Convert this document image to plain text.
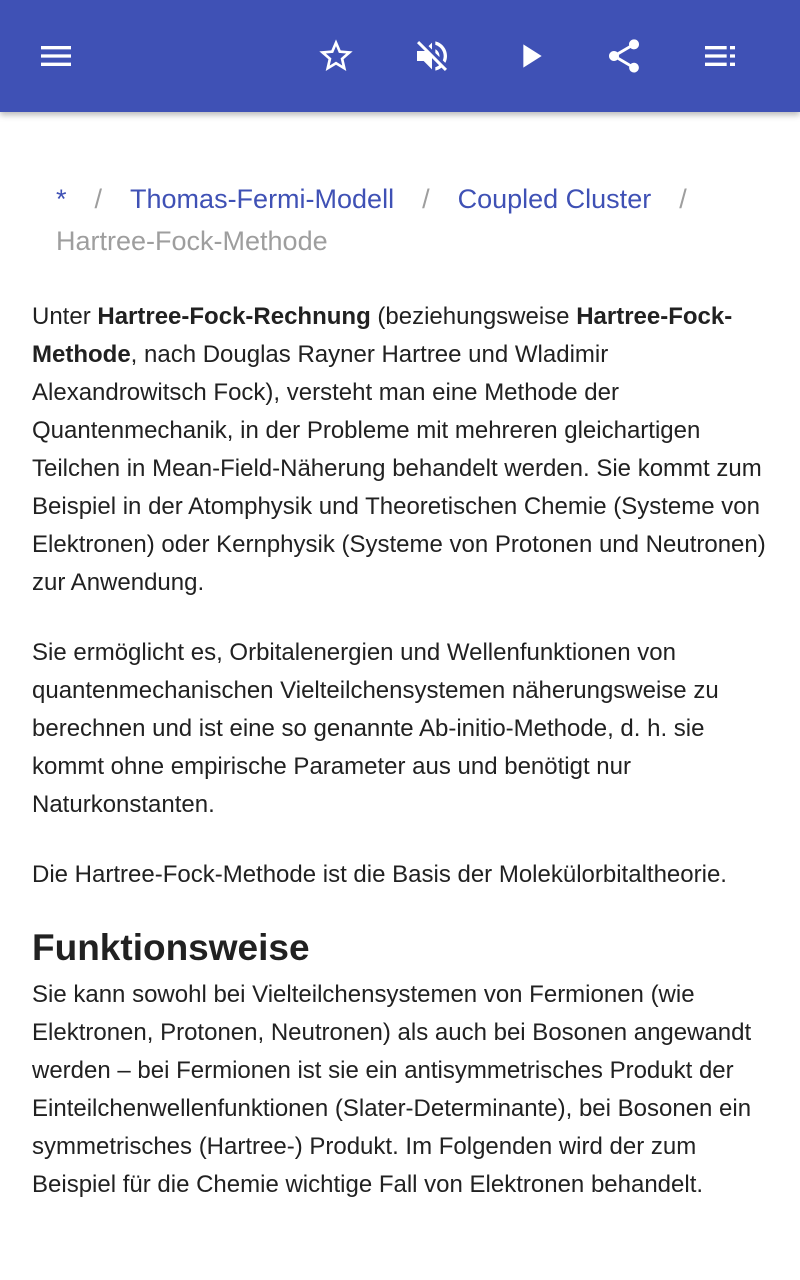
* / Thomas-Fermi-Modell / Coupled Cluster /
Hartree-Fock-Methode

Unter Hartree-Fock-Rechnung (beziehungsweise Hartree-Fock-Methode, nach Douglas Rayner Hartree und Wladimir Alexandrowitsch Fock), versteht man eine Methode der Quantenmechanik, in der Probleme mit mehreren gleichartigen Teilchen in Mean-Field-Näherung behandelt werden. Sie kommt zum Beispiel in der Atomphysik und Theoretischen Chemie (Systeme von Elektronen) oder Kernphysik (Systeme von Protonen und Neutronen) zur Anwendung.

Sie ermöglicht es, Orbitalenergien und Wellenfunktionen von quantenmechanischen Vielteilchensystemen näherungsweise zu berechnen und ist eine so genannte Ab-initio-Methode, d. h. sie kommt ohne empirische Parameter aus und benötigt nur Naturkonstanten.

Die Hartree-Fock-Methode ist die Basis der Molekülorbitaltheorie.

Funktionsweise

Sie kann sowohl bei Vielteilchensystemen von Fermionen (wie Elektronen, Protonen, Neutronen) als auch bei Bosonen angewandt werden – bei Fermionen ist sie ein antisymmetrisches Produkt der Einteilchenwellenfunktionen (Slater-Determinante), bei Bosonen ein symmetrisches (Hartree-) Produkt. Im Folgenden wird der zum Beispiel für die Chemie wichtige Fall von Elektronen behandelt.
